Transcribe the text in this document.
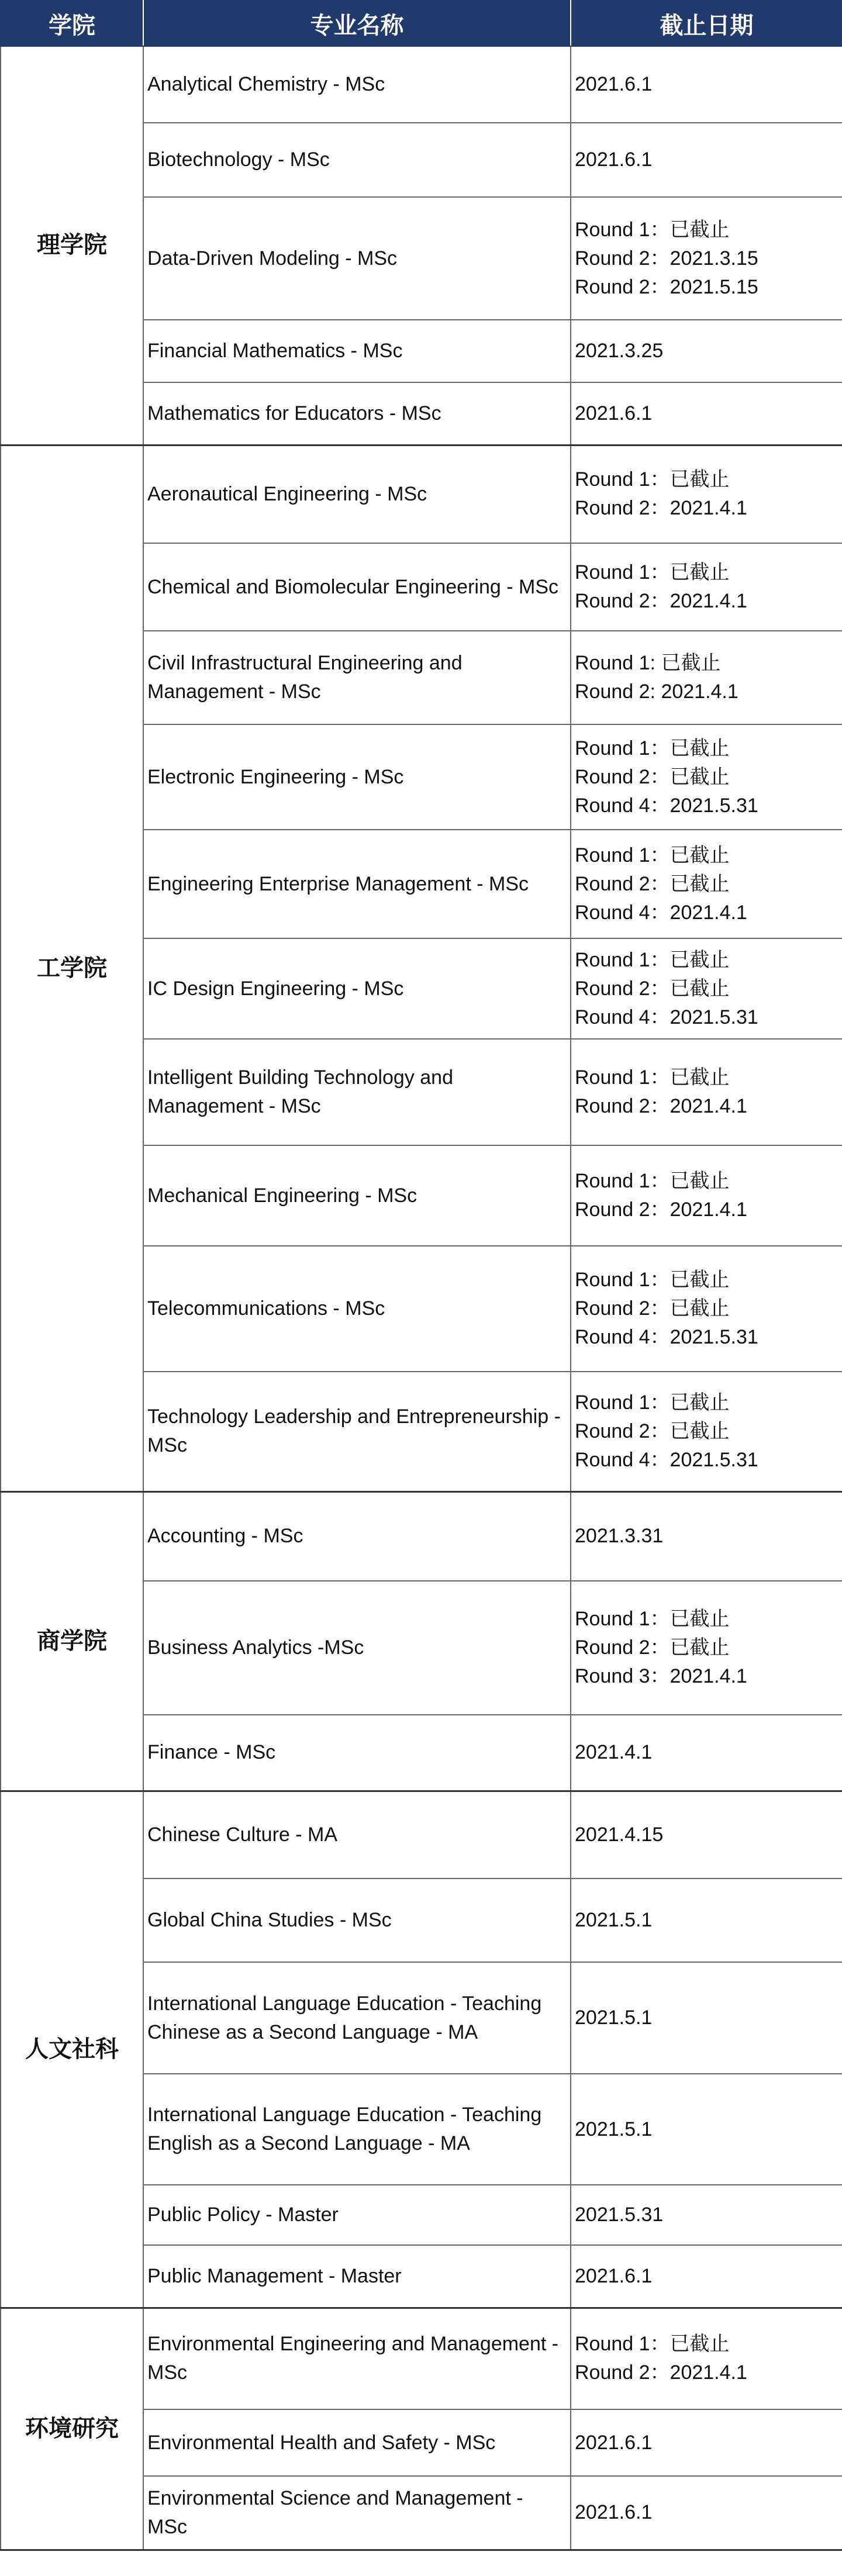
学院	专业名称	截止日期
理学院	Analytical Chemistry - MSc	2021.6.1

	Biotechnology - MSc	2021.6.1

	Data-Driven Modeling - MSc	Round 1：已截止
Round 2：2021.3.15
Round 2：2021.5.15

	Financial Mathematics - MSc	2021.3.25

	Mathematics for Educators - MSc	2021.6.1

工学院	Aeronautical Engineering - MSc	Round 1：已截止
Round 2：2021.4.1

	Chemical and Biomolecular Engineering - MSc	Round 1：已截止
Round 2：2021.4.1

	Civil Infrastructural Engineering and Management - MSc	Round 1: 已截止
Round 2: 2021.4.1

	Electronic Engineering - MSc	Round 1：已截止
Round 2：已截止
Round 4：2021.5.31

	Engineering Enterprise Management - MSc	Round 1：已截止
Round 2：已截止
Round 4：2021.4.1

	IC Design Engineering - MSc	Round 1：已截止
Round 2：已截止
Round 4：2021.5.31

	Intelligent Building Technology and Management - MSc	Round 1：已截止
Round 2：2021.4.1

	Mechanical Engineering - MSc	Round 1：已截止
Round 2：2021.4.1

	Telecommunications - MSc	Round 1：已截止
Round 2：已截止
Round 4：2021.5.31

	Technology Leadership and Entrepreneurship - MSc	Round 1：已截止
Round 2：已截止
Round 4：2021.5.31

商学院	Accounting - MSc	2021.3.31

	Business Analytics -MSc	Round 1：已截止
Round 2：已截止
Round 3：2021.4.1

	Finance - MSc	2021.4.1

人文社科	Chinese Culture - MA	2021.4.15

	Global China Studies - MSc	2021.5.1

	International Language Education - Teaching Chinese as a Second Language - MA	2021.5.1

	International Language Education - Teaching English as a Second Language - MA	2021.5.1

	Public Policy - Master	2021.5.31

	Public Management - Master	2021.6.1

环境研究	Environmental Engineering and Management - MSc	Round 1：已截止
Round 2：2021.4.1

	Environmental Health and Safety - MSc	2021.6.1

	Environmental Science and Management - MSc	2021.6.1
